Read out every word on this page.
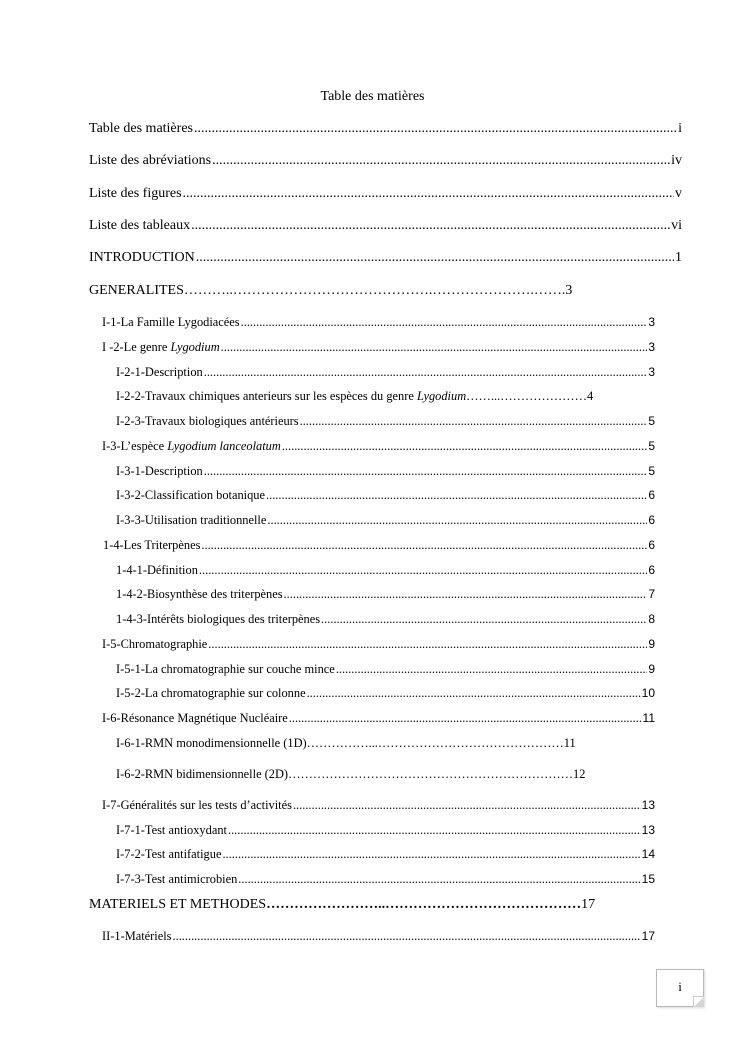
Table des matières
Table des matières .....	i
Liste des abréviations .....	iv
Liste des figures .....	v
Liste des tableaux .....	vi
INTRODUCTION .....	1
GENERALITES ………..…………………………………….………………….……. 3
I-1-La Famille Lygodiacées .....	3
I -2-Le genre Lygodium .....	3
I-2-1-Description .....	3
I-2-2-Travaux chimiques anterieurs sur les espèces du genre Lygodium ……...………………… 4
I-2-3-Travaux biologiques antérieurs .....	5
I-3-L’espèce Lygodium lanceolatum .....	5
I-3-1-Description .....	5
I-3-2-Classification botanique .....	6
I-3-3-Utilisation traditionnelle .....	6
1-4-Les Triterpènes .....	6
1-4-1-Définition .....	6
1-4-2-Biosynthèse des triterpènes .....	7
1-4-3-Intérêts biologiques des triterpènes .....	8
I-5-Chromatographie .....	9
I-5-1-La chromatographie sur couche mince .....	9
I-5-2-La chromatographie sur colonne .....	10
I-6-Résonance Magnétique Nucléaire .....	11
I-6-1-RMN monodimensionnelle (1D) ……………...……………………………………… 11
I-6-2-RMN bidimensionnelle (2D) …………………………………………………………… 12
I-7-Généralités sur les tests d’activités .....	13
I-7-1-Test antioxydant .....	13
I-7-2-Test antifatigue .....	14
I-7-3-Test antimicrobien .....	15
MATERIELS ET METHODES ……………………..…………………………………… 17
II-1-Matériels .....	17
i
